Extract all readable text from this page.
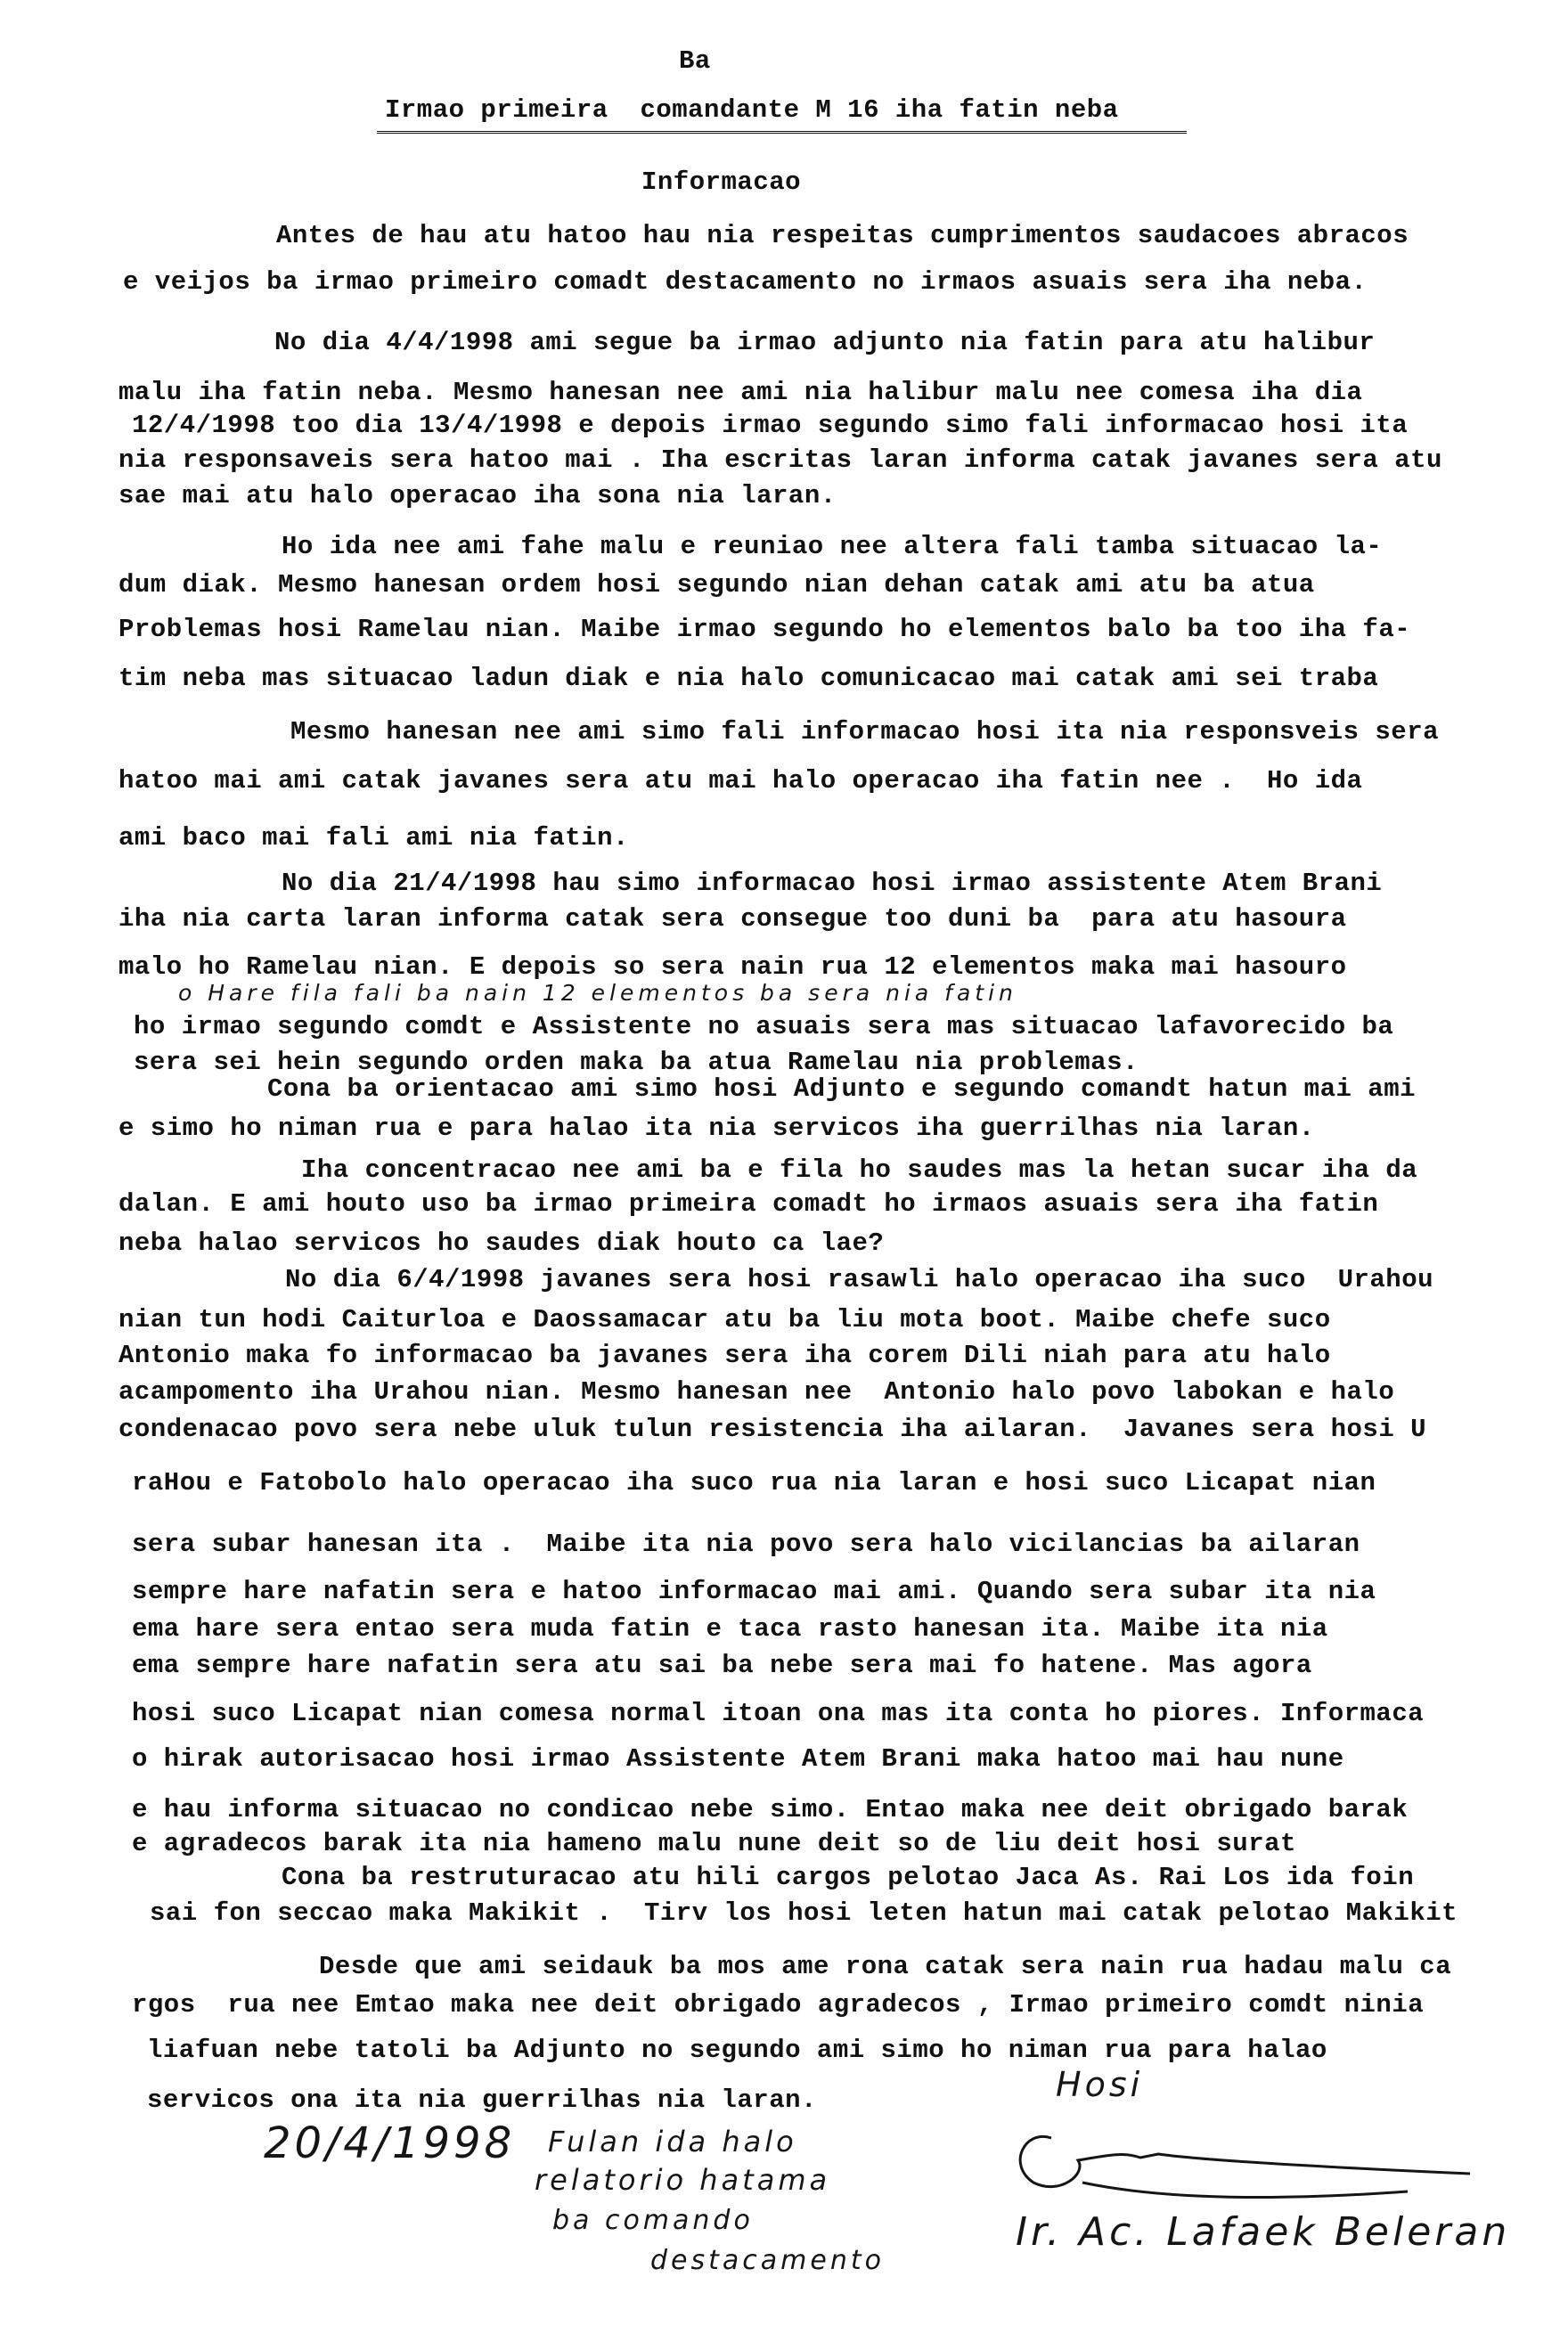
Ba
Irmao primeira  comandante M 16 iha fatin neba
Informacao
Antes de hau atu hatoo hau nia respeitas cumprimentos saudacoes abracos
e veijos ba irmao primeiro comadt destacamento no irmaos asuais sera iha neba.
No dia 4/4/1998 ami segue ba irmao adjunto nia fatin para atu halibur
malu iha fatin neba. Mesmo hanesan nee ami nia halibur malu nee comesa iha dia
12/4/1998 too dia 13/4/1998 e depois irmao segundo simo fali informacao hosi ita
nia responsaveis sera hatoo mai . Iha escritas laran informa catak javanes sera atu
sae mai atu halo operacao iha sona nia laran.
Ho ida nee ami fahe malu e reuniao nee altera fali tamba situacao la-
dum diak. Mesmo hanesan ordem hosi segundo nian dehan catak ami atu ba atua
Problemas hosi Ramelau nian. Maibe irmao segundo ho elementos balo ba too iha fa-
tim neba mas situacao ladun diak e nia halo comunicacao mai catak ami sei traba
Mesmo hanesan nee ami simo fali informacao hosi ita nia responsveis sera
hatoo mai ami catak javanes sera atu mai halo operacao iha fatin nee .  Ho ida
ami baco mai fali ami nia fatin.
No dia 21/4/1998 hau simo informacao hosi irmao assistente Atem Brani
iha nia carta laran informa catak sera consegue too duni ba  para atu hasoura
malo ho Ramelau nian. E depois so sera nain rua 12 elementos maka mai hasouro
o Hare fila fali ba nain 12 elementos ba sera nia fatin
ho irmao segundo comdt e Assistente no asuais sera mas situacao lafavorecido ba
sera sei hein segundo orden maka ba atua Ramelau nia problemas.
Cona ba orientacao ami simo hosi Adjunto e segundo comandt hatun mai ami
e simo ho niman rua e para halao ita nia servicos iha guerrilhas nia laran.
Iha concentracao nee ami ba e fila ho saudes mas la hetan sucar iha da
dalan. E ami houto uso ba irmao primeira comadt ho irmaos asuais sera iha fatin
neba halao servicos ho saudes diak houto ca lae?
No dia 6/4/1998 javanes sera hosi rasawli halo operacao iha suco  Urahou
nian tun hodi Caiturloa e Daossamacar atu ba liu mota boot. Maibe chefe suco
Antonio maka fo informacao ba javanes sera iha corem Dili niah para atu halo
acampomento iha Urahou nian. Mesmo hanesan nee  Antonio halo povo labokan e halo
condenacao povo sera nebe uluk tulun resistencia iha ailaran.  Javanes sera hosi U
raHou e Fatobolo halo operacao iha suco rua nia laran e hosi suco Licapat nian
sera subar hanesan ita .  Maibe ita nia povo sera halo vicilancias ba ailaran
sempre hare nafatin sera e hatoo informacao mai ami. Quando sera subar ita nia
ema hare sera entao sera muda fatin e taca rasto hanesan ita. Maibe ita nia
ema sempre hare nafatin sera atu sai ba nebe sera mai fo hatene. Mas agora
hosi suco Licapat nian comesa normal itoan ona mas ita conta ho piores. Informaca
o hirak autorisacao hosi irmao Assistente Atem Brani maka hatoo mai hau nune
e hau informa situacao no condicao nebe simo. Entao maka nee deit obrigado barak
e agradecos barak ita nia hameno malu nune deit so de liu deit hosi surat
Cona ba restruturacao atu hili cargos pelotao Jaca As. Rai Los ida foin
sai fon seccao maka Makikit .  Tirv los hosi leten hatun mai catak pelotao Makikit
Desde que ami seidauk ba mos ame rona catak sera nain rua hadau malu ca
rgos  rua nee Emtao maka nee deit obrigado agradecos , Irmao primeiro comdt ninia
liafuan nebe tatoli ba Adjunto no segundo ami simo ho niman rua para halao
servicos ona ita nia guerrilhas nia laran.
20/4/1998 Fulan ida halo
relatorio hatama
ba comando
destacamento
Hosi
Ir. Ac. Lafaek Beleran
